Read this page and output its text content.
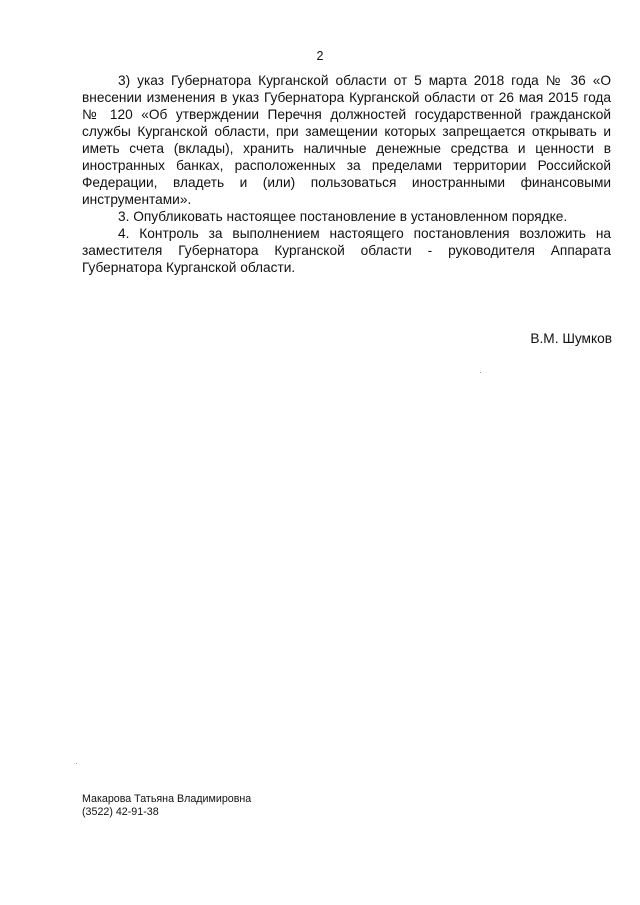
2

3) указ Губернатора Курганской области от 5 марта 2018 года № 36 «О внесении изменения в указ Губернатора Курганской области от 26 мая 2015 года № 120 «Об утверждении Перечня должностей государственной гражданской службы Курганской области, при замещении которых запрещается открывать и иметь счета (вклады), хранить наличные денежные средства и ценности в иностранных банках, расположенных за пределами территории Российской Федерации, владеть и (или) пользоваться иностранными финансовыми инструментами».

3. Опубликовать настоящее постановление в установленном порядке.

4. Контроль за выполнением настоящего постановления возложить на заместителя Губернатора Курганской области - руководителя Аппарата Губернатора Курганской области.

В.М. Шумков
Макарова Татьяна Владимировна
(3522) 42-91-38
